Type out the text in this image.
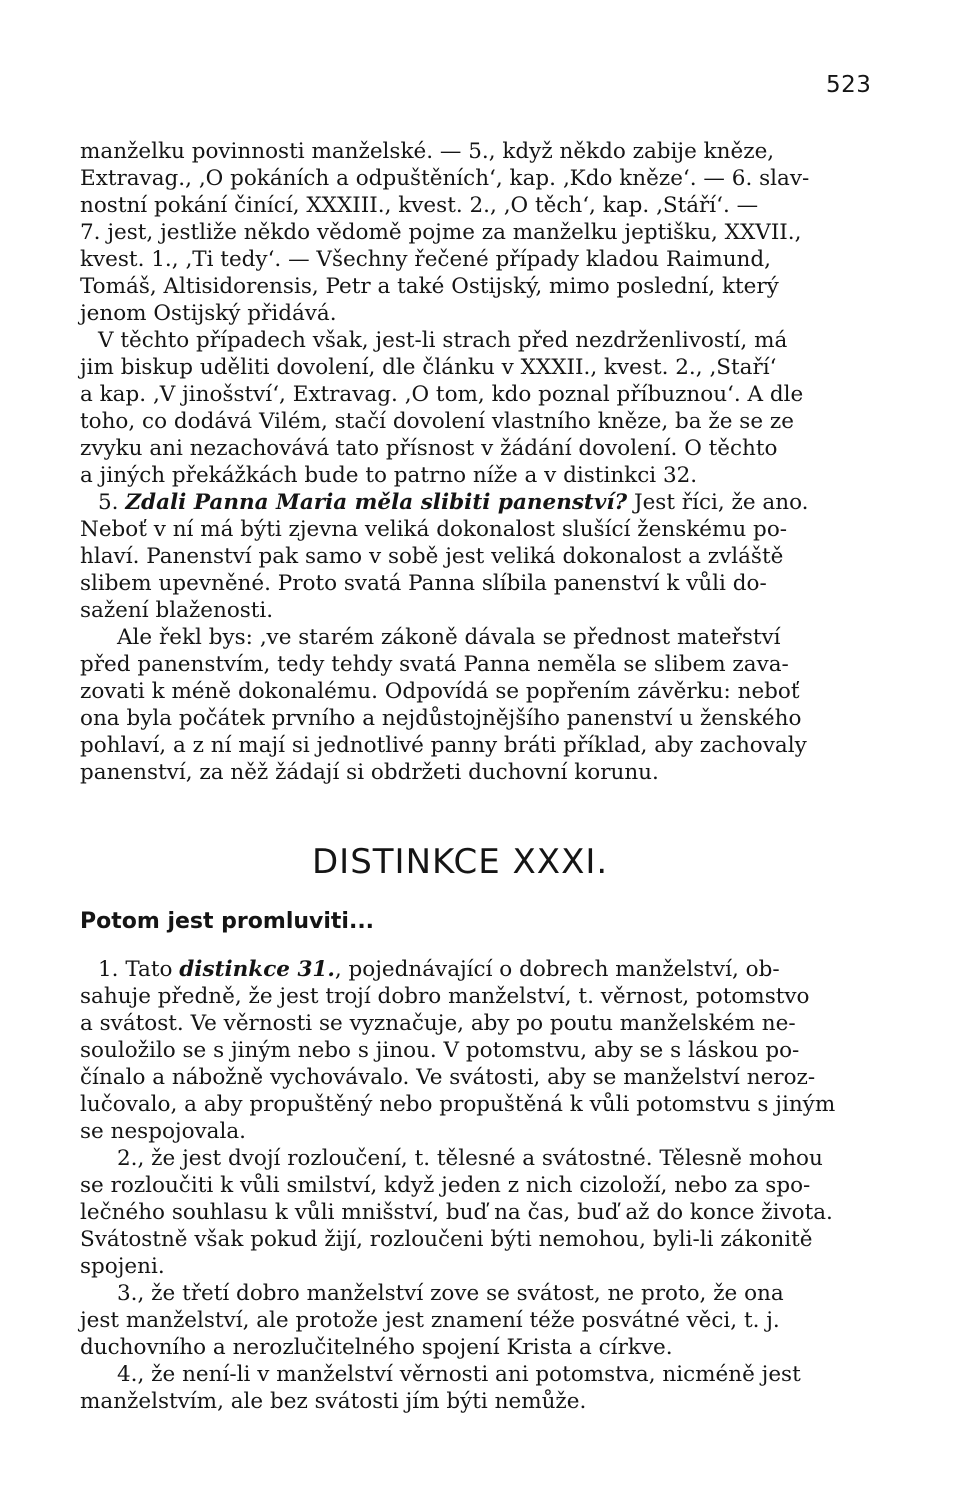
523
manželku povinnosti manželské. — 5., když někdo zabije kněze,
Extravag., ‚O pokáních a odpuštěních‘, kap. ‚Kdo kněze‘. — 6. slav-
nostní pokání činící, XXXIII., kvest. 2., ‚O těch‘, kap. ‚Stáří‘. —
7. jest, jestliže někdo vědomě pojme za manželku jeptišku, XXVII.,
kvest. 1., ‚Ti tedy‘. — Všechny řečené případy kladou Raimund,
Tomáš, Altisidorensis, Petr a také Ostijský, mimo poslední, který
jenom Ostijský přidává.
V těchto případech však, jest-li strach před nezdrženlivostí, má
jim biskup uděliti dovolení, dle článku v XXXII., kvest. 2., ‚Staří‘
a kap. ‚V jinošství‘, Extravag. ‚O tom, kdo poznal příbuznou‘. A dle
toho, co dodává Vilém, stačí dovolení vlastního kněze, ba že se ze
zvyku ani nezachovává tato přísnost v žádání dovolení. O těchto
a jiných překážkách bude to patrno níže a v distinkci 32.
5. Zdali Panna Maria měla slibiti panenství? Jest říci, že ano.
Neboť v ní má býti zjevna veliká dokonalost slušící ženskému po-
hlaví. Panenství pak samo v sobě jest veliká dokonalost a zvláště
slibem upevněné. Proto svatá Panna slíbila panenství k vůli do-
sažení blaženosti.
Ale řekl bys: ‚ve starém zákoně dávala se přednost mateřství
před panenstvím, tedy tehdy svatá Panna neměla se slibem zava-
zovati k méně dokonalému. Odpovídá se popřením závěrku: neboť
ona byla počátek prvního a nejdůstojnějšího panenství u ženského
pohlaví, a z ní mají si jednotlivé panny bráti příklad, aby zachovaly
panenství, za něž žádají si obdržeti duchovní korunu.
DISTINKCE XXXI.
Potom jest promluviti...
1. Tato distinkce 31., pojednávající o dobrech manželství, ob-
sahuje předně, že jest trojí dobro manželství, t. věrnost, potomstvo
a svátost. Ve věrnosti se vyznačuje, aby po poutu manželském ne-
souložilo se s jiným nebo s jinou. V potomstvu, aby se s láskou po-
čínalo a nábožně vychovávalo. Ve svátosti, aby se manželství neroz-
lučovalo, a aby propuštěný nebo propuštěná k vůli potomstvu s jiným
se nespojovala.
2., že jest dvojí rozloučení, t. tělesné a svátostné. Tělesně mohou
se rozloučiti k vůli smilství, když jeden z nich cizoloží, nebo za spo-
lečného souhlasu k vůli mnišství, buď na čas, buď až do konce života.
Svátostně však pokud žijí, rozloučeni býti nemohou, byli-li zákonitě
spojeni.
3., že třetí dobro manželství zove se svátost, ne proto, že ona
jest manželství, ale protože jest znamení téže posvátné věci, t. j.
duchovního a nerozlučitelného spojení Krista a církve.
4., že není-li v manželství věrnosti ani potomstva, nicméně jest
manželstvím, ale bez svátosti jím býti nemůže.
